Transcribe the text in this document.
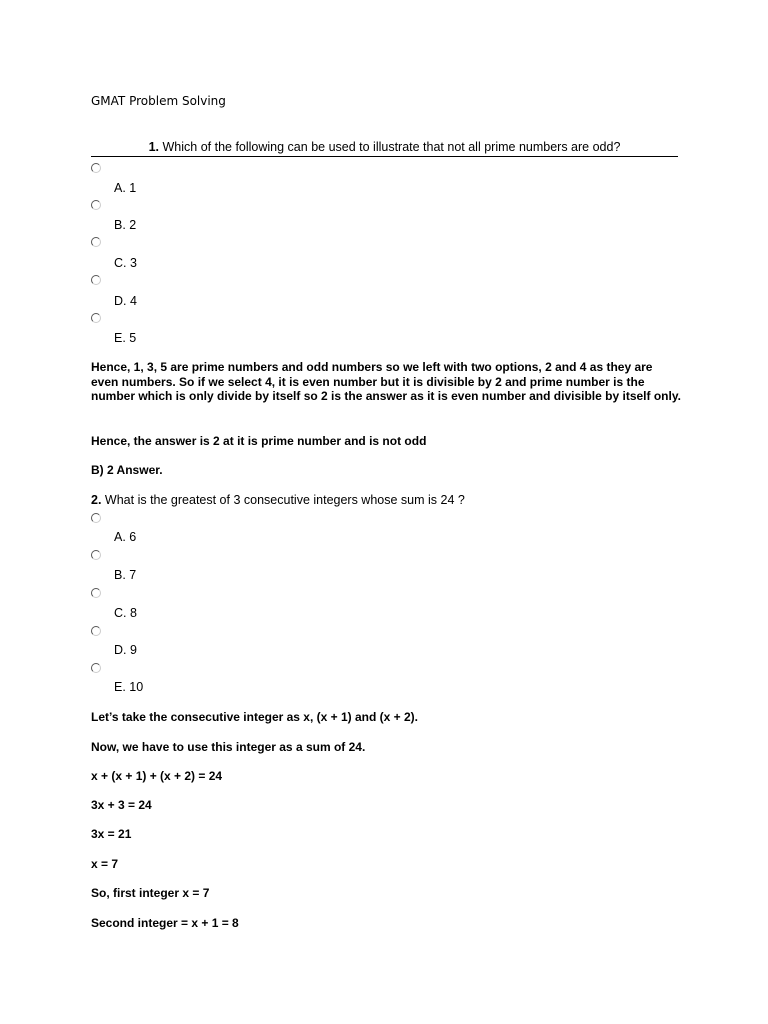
GMAT Problem Solving
1. Which of the following can be used to illustrate that not all prime numbers are odd?
A. 1
B. 2
C. 3
D. 4
E. 5
Hence, 1, 3, 5 are prime numbers and odd numbers so we left with two options, 2 and 4 as they are even numbers. So if we select 4, it is even number but it is divisible by 2 and prime number is the number which is only divide by itself so 2 is the answer as it is even number and divisible by itself only.
Hence, the answer is 2 at it is prime number and is not odd
B) 2 Answer.
2. What is the greatest of 3 consecutive integers whose sum is 24 ?
A. 6
B. 7
C. 8
D. 9
E. 10
Let’s take the consecutive integer as x, (x + 1) and (x + 2).
Now, we have to use this integer as a sum of 24.
x + (x + 1) + (x + 2) = 24
3x + 3 = 24
3x = 21
x = 7
So, first integer x = 7
Second integer = x + 1 = 8
